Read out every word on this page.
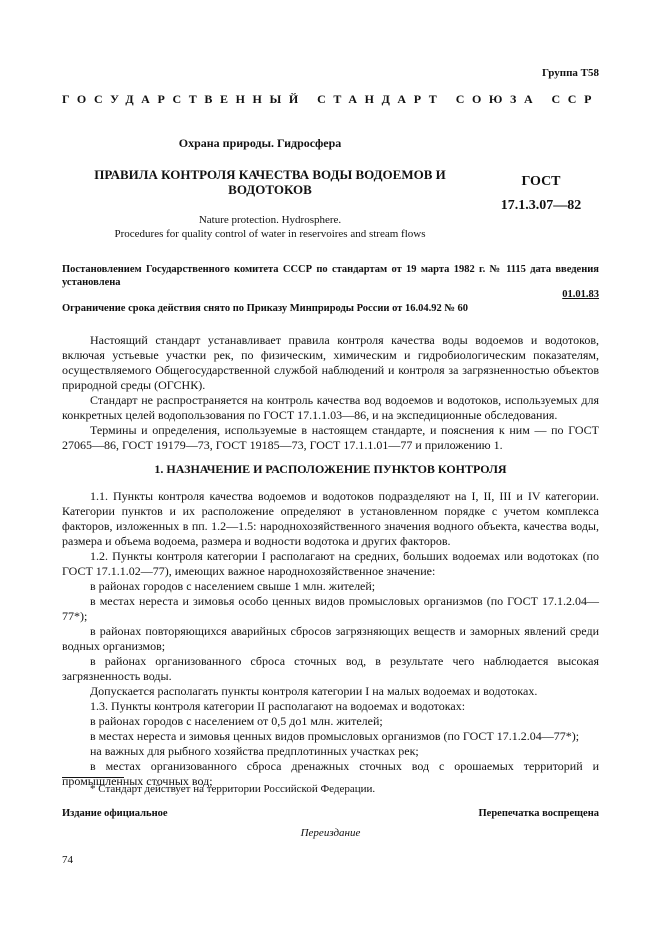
Группа Т58
ГОСУДАРСТВЕННЫЙ СТАНДАРТ СОЮЗА ССР
Охрана природы. Гидросфера
ПРАВИЛА КОНТРОЛЯ КАЧЕСТВА ВОДЫ ВОДОЕМОВ И ВОДОТОКОВ
ГОСТ
17.1.3.07—82
Nature protection. Hydrosphere.
Procedures for quality control of water in reservoires and stream flows
Постановлением Государственного комитета СССР по стандартам от 19 марта 1982 г. № 1115 дата введения установлена
01.01.83
Ограничение срока действия снято по Приказу Минприроды России от 16.04.92 № 60

Настоящий стандарт устанавливает правила контроля качества воды водоемов и водотоков, включая устьевые участки рек, по физическим, химическим и гидробиологическим показателям, осуществляемого Общегосударственной службой наблюдений и контроля за загрязненностью объектов природной среды (ОГСНК).

Стандарт не распространяется на контроль качества вод водоемов и водотоков, используемых для конкретных целей водопользования по ГОСТ 17.1.1.03—86, и на экспедиционные обследования.

Термины и определения, используемые в настоящем стандарте, и пояснения к ним — по ГОСТ 27065—86, ГОСТ 19179—73, ГОСТ 19185—73, ГОСТ 17.1.1.01—77 и приложению 1.

1. НАЗНАЧЕНИЕ И РАСПОЛОЖЕНИЕ ПУНКТОВ КОНТРОЛЯ

1.1. Пункты контроля качества водоемов и водотоков подразделяют на I, II, III и IV категории. Категории пунктов и их расположение определяют в установленном порядке с учетом комплекса факторов, изложенных в пп. 1.2—1.5: народнохозяйственного значения водного объекта, качества воды, размера и объема водоема, размера и водности водотока и других факторов.

1.2. Пункты контроля категории I располагают на средних, больших водоемах или водотоках (по ГОСТ 17.1.1.02—77), имеющих важное народнохозяйственное значение:

в районах городов с населением свыше 1 млн. жителей;

в местах нереста и зимовья особо ценных видов промысловых организмов (по ГОСТ 17.1.2.04—77*);

в районах повторяющихся аварийных сбросов загрязняющих веществ и заморных явлений среди водных организмов;

в районах организованного сброса сточных вод, в результате чего наблюдается высокая загрязненность воды.

Допускается располагать пункты контроля категории I на малых водоемах и водотоках.

1.3. Пункты контроля категории II располагают на водоемах и водотоках:

в районах городов с населением от 0,5 до1 млн. жителей;

в местах нереста и зимовья ценных видов промысловых организмов (по ГОСТ 17.1.2.04—77*);

на важных для рыбного хозяйства предплотинных участках рек;

в местах организованного сброса дренажных сточных вод с орошаемых территорий и промышленных сточных вод;

* Стандарт действует на территории Российской Федерации.
Издание официальное	Перепечатка воспрещена
Переиздание
74
